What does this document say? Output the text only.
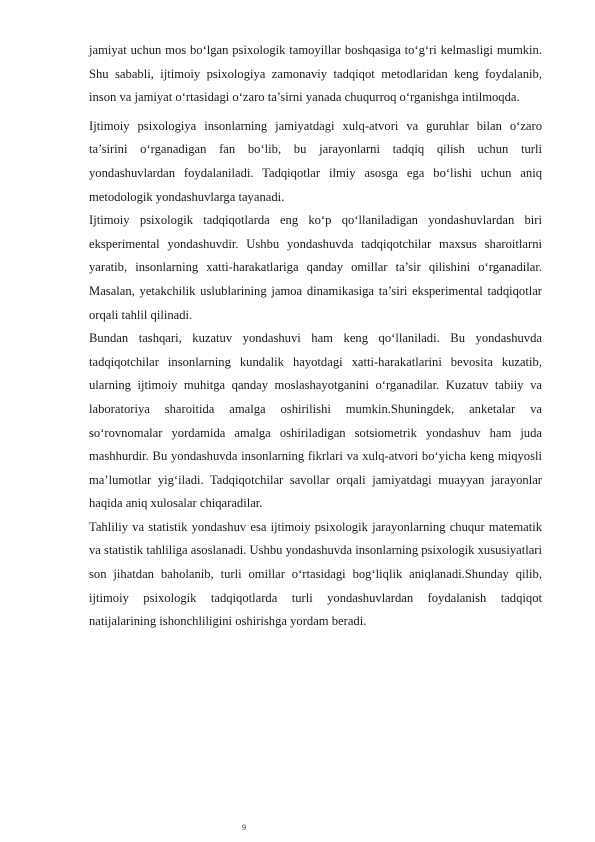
jamiyat uchun mos bo‘lgan psixologik tamoyillar boshqasiga to‘g‘ri kelmasligi mumkin. Shu sababli, ijtimoiy psixologiya zamonaviy tadqiqot metodlaridan keng foydalanib, inson va jamiyat o‘rtasidagi o‘zaro ta’sirni yanada chuqurroq o‘rganishga intilmoqda.

Ijtimoiy psixologiya insonlarning jamiyatdagi xulq-atvori va guruhlar bilan o‘zaro ta’sirini o‘rganadigan fan bo‘lib, bu jarayonlarni tadqiq qilish uchun turli yondashuvlardan foydalaniladi. Tadqiqotlar ilmiy asosga ega bo‘lishi uchun aniq metodologik yondashuvlarga tayanadi.

Ijtimoiy psixologik tadqiqotlarda eng ko‘p qo‘llaniladigan yondashuvlardan biri eksperimental yondashuvdir. Ushbu yondashuvda tadqiqotchilar maxsus sharoitlarni yaratib, insonlarning xatti-harakatlariga qanday omillar ta’sir qilishini o‘rganadilar. Masalan, yetakchilik uslublarining jamoa dinamikasiga ta’siri eksperimental tadqiqotlar orqali tahlil qilinadi.

Bundan tashqari, kuzatuv yondashuvi ham keng qo‘llaniladi. Bu yondashuvda tadqiqotchilar insonlarning kundalik hayotdagi xatti-harakatlarini bevosita kuzatib, ularning ijtimoiy muhitga qanday moslashayotganini o‘rganadilar. Kuzatuv tabiiy va laboratoriya sharoitida amalga oshirilishi mumkin.Shuningdek, anketalar va so‘rovnomalar yordamida amalga oshiriladigan sotsiometrik yondashuv ham juda mashhurdir. Bu yondashuvda insonlarning fikrlari va xulq-atvori bo‘yicha keng miqyosli ma’lumotlar yig‘iladi. Tadqiqotchilar savollar orqali jamiyatdagi muayyan jarayonlar haqida aniq xulosalar chiqaradilar.

Tahliliy va statistik yondashuv esa ijtimoiy psixologik jarayonlarning chuqur matematik va statistik tahliliga asoslanadi. Ushbu yondashuvda insonlarning psixologik xususiyatlari son jihatdan baholanib, turli omillar o‘rtasidagi bog‘liqlik aniqlanadi.Shunday qilib, ijtimoiy psixologik tadqiqotlarda turli yondashuvlardan foydalanish tadqiqot natijalarining ishonchliligini oshirishga yordam beradi.

9
